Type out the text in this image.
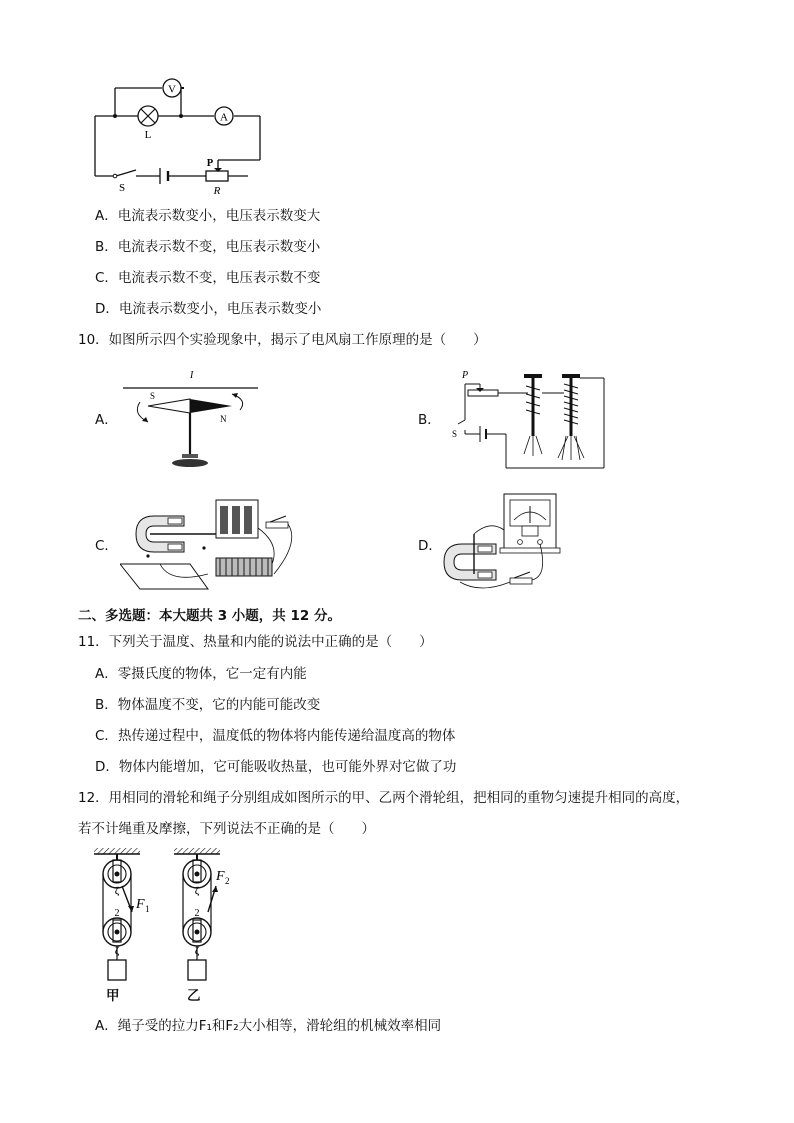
V
L
A
S
P
R
A．电流表示数变小，电压表示数变大
B．电流表示数不变，电压表示数变小
C．电流表示数不变，电压表示数不变
D．电流表示数变小，电压表示数变小
10．如图所示四个实验现象中，揭示了电风扇工作原理的是（　　）
A．
I
S
N	B．
P
S
C．	D．
二、多选题：本大题共 3 小题，共 12 分。
11．下列关于温度、热量和内能的说法中正确的是（　　）
A．零摄氏度的物体，它一定有内能
B．物体温度不变，它的内能可能改变
C．热传递过程中，温度低的物体将内能传递给温度高的物体
D．物体内能增加，它可能吸收热量，也可能外界对它做了功
12．用相同的滑轮和绳子分别组成如图所示的甲、乙两个滑轮组，把相同的重物匀速提升相同的高度，
若不计绳重及摩擦，下列说法不正确的是（　　）
ζ
2
F 1
ζ
ζ
2
F 2
ζ
甲	乙
A．绳子受的拉力F₁和F₂大小相等，滑轮组的机械效率相同
